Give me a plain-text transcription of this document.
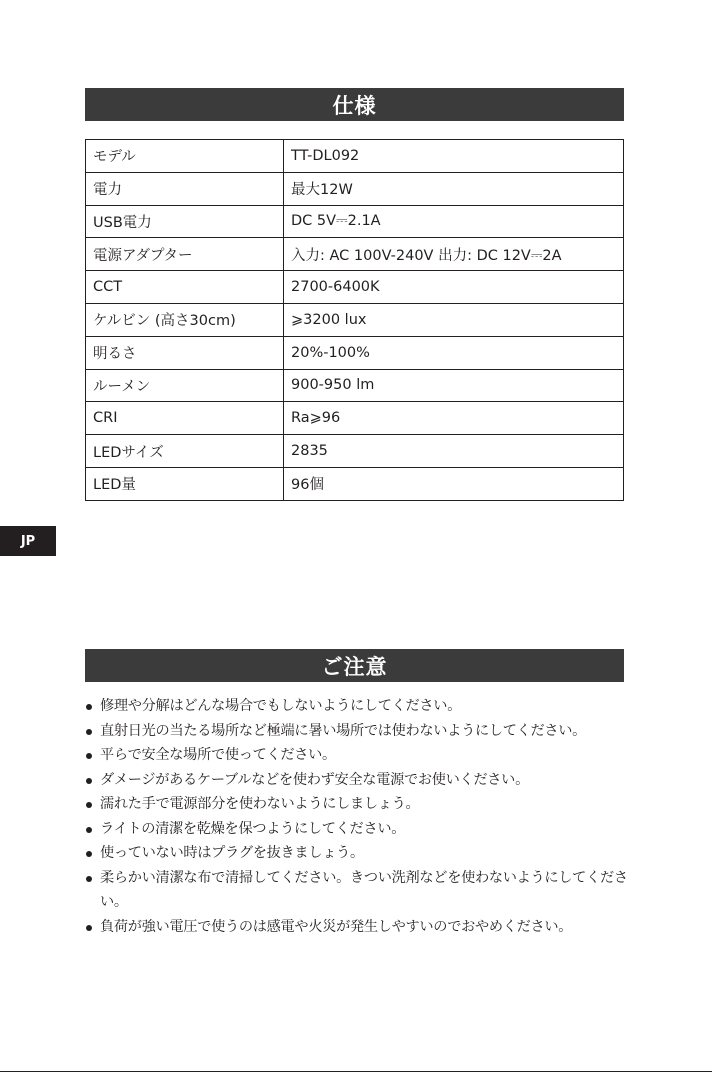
仕様
モデル	TT-DL092
電力	最大12W
USB電力	DC 5V⎓2.1A
電源アダプター	入力: AC 100V-240V 出力: DC 12V⎓2A
CCT	2700-6400K
ケルビン (高さ30cm)	⩾3200 lux
明るさ	20%-100%
ルーメン	900-950 lm
CRI	Ra⩾96
LEDサイズ	2835
LED量	96個
JP
ご注意
修理や分解はどんな場合でもしないようにしてください。
直射日光の当たる場所など極端に暑い場所では使わないようにしてください。
平らで安全な場所で使ってください。
ダメージがあるケーブルなどを使わず安全な電源でお使いください。
濡れた手で電源部分を使わないようにしましょう。
ライトの清潔を乾燥を保つようにしてください。
使っていない時はプラグを抜きましょう。
柔らかい清潔な布で清掃してください。きつい洗剤などを使わないようにしてください。
負荷が強い電圧で使うのは感電や火災が発生しやすいのでおやめください。
